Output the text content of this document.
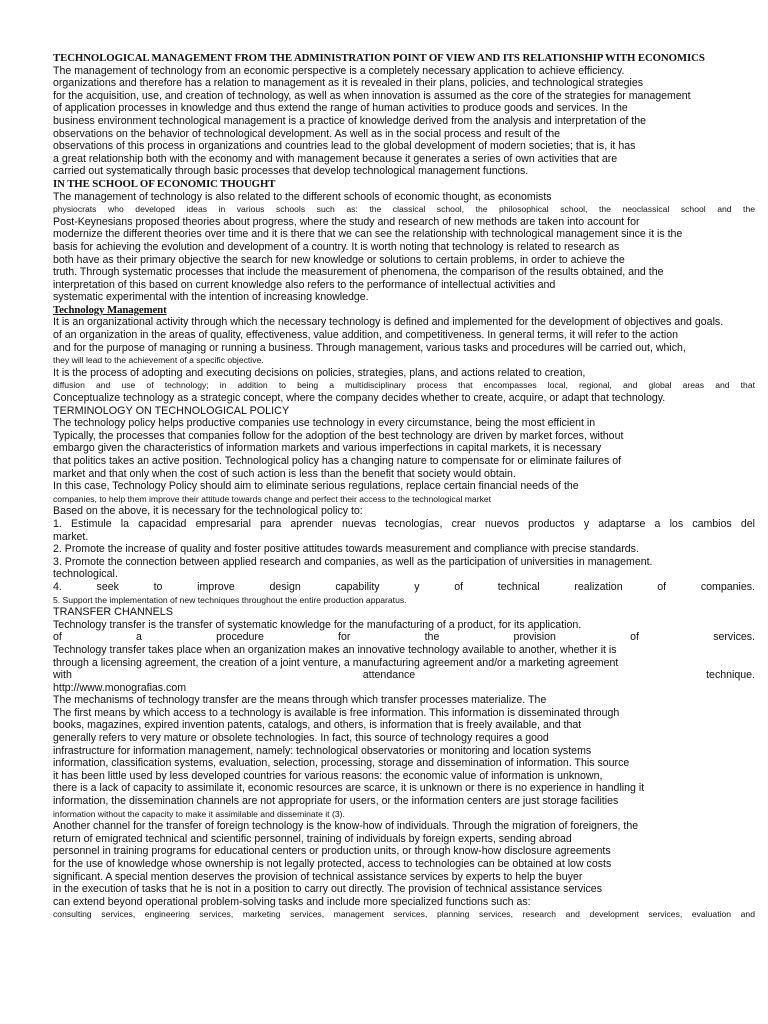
TECHNOLOGICAL MANAGEMENT FROM THE ADMINISTRATION POINT OF VIEW AND ITS RELATIONSHIP WITH ECONOMICS
The management of technology from an economic perspective is a completely necessary application to achieve efficiency.
organizations and therefore has a relation to management as it is revealed in their plans, policies, and technological strategies
for the acquisition, use, and creation of technology, as well as when innovation is assumed as the core of the strategies for management
of application processes in knowledge and thus extend the range of human activities to produce goods and services. In the
business environment technological management is a practice of knowledge derived from the analysis and interpretation of the
observations on the behavior of technological development. As well as in the social process and result of the
observations of this process in organizations and countries lead to the global development of modern societies; that is, it has
a great relationship both with the economy and with management because it generates a series of own activities that are
carried out systematically through basic processes that develop technological management functions.
IN THE SCHOOL OF ECONOMIC THOUGHT
The management of technology is also related to the different schools of economic thought, as economists
physiocrats who developed ideas in various schools such as: the classical school, the philosophical school, the neoclassical school and the
Post-Keynesians proposed theories about progress, where the study and research of new methods are taken into account for
modernize the different theories over time and it is there that we can see the relationship with technological management since it is the
basis for achieving the evolution and development of a country. It is worth noting that technology is related to research as
both have as their primary objective the search for new knowledge or solutions to certain problems, in order to achieve the
truth. Through systematic processes that include the measurement of phenomena, the comparison of the results obtained, and the
interpretation of this based on current knowledge also refers to the performance of intellectual activities and
systematic experimental with the intention of increasing knowledge.
Technology Management
It is an organizational activity through which the necessary technology is defined and implemented for the development of objectives and goals.
of an organization in the areas of quality, effectiveness, value addition, and competitiveness. In general terms, it will refer to the action
and for the purpose of managing or running a business. Through management, various tasks and procedures will be carried out, which,
they will lead to the achievement of a specific objective.
It is the process of adopting and executing decisions on policies, strategies, plans, and actions related to creation,
diffusion and use of technology; in addition to being a multidisciplinary process that encompasses local, regional, and global areas and that
Conceptualize technology as a strategic concept, where the company decides whether to create, acquire, or adapt that technology.
TERMINOLOGY ON TECHNOLOGICAL POLICY
The technology policy helps productive companies use technology in every circumstance, being the most efficient in
Typically, the processes that companies follow for the adoption of the best technology are driven by market forces, without
embargo given the characteristics of information markets and various imperfections in capital markets, it is necessary
that politics takes an active position. Technological policy has a changing nature to compensate for or eliminate failures of
market and that only when the cost of such action is less than the benefit that society would obtain.
In this case, Technology Policy should aim to eliminate serious regulations, replace certain financial needs of the
companies, to help them improve their attitude towards change and perfect their access to the technological market
Based on the above, it is necessary for the technological policy to:
1. Estimule la capacidad empresarial para aprender nuevas tecnologías, crear nuevos productos y adaptarse a los cambios del
market.
2. Promote the increase of quality and foster positive attitudes towards measurement and compliance with precise standards.
3. Promote the connection between applied research and companies, as well as the participation of universities in management.
technological.
4. seek to improve design capability y of technical realization of companies.
5. Support the implementation of new techniques throughout the entire production apparatus.
TRANSFER CHANNELS
Technology transfer is the transfer of systematic knowledge for the manufacturing of a product, for its application.
of a procedure for the provision of services.
Technology transfer takes place when an organization makes an innovative technology available to another, whether it is
through a licensing agreement, the creation of a joint venture, a manufacturing agreement and/or a marketing agreement
with attendance technique.
http://www.monografias.com
The mechanisms of technology transfer are the means through which transfer processes materialize. The
The first means by which access to a technology is available is free information. This information is disseminated through
books, magazines, expired invention patents, catalogs, and others, is information that is freely available, and that
generally refers to very mature or obsolete technologies. In fact, this source of technology requires a good
infrastructure for information management, namely: technological observatories or monitoring and location systems
information, classification systems, evaluation, selection, processing, storage and dissemination of information. This source
it has been little used by less developed countries for various reasons: the economic value of information is unknown,
there is a lack of capacity to assimilate it, economic resources are scarce, it is unknown or there is no experience in handling it
information, the dissemination channels are not appropriate for users, or the information centers are just storage facilities
information without the capacity to make it assimilable and disseminate it (3).
Another channel for the transfer of foreign technology is the know-how of individuals. Through the migration of foreigners, the
return of emigrated technical and scientific personnel, training of individuals by foreign experts, sending abroad
personnel in training programs for educational centers or production units, or through know-how disclosure agreements
for the use of knowledge whose ownership is not legally protected, access to technologies can be obtained at low costs
significant. A special mention deserves the provision of technical assistance services by experts to help the buyer
in the execution of tasks that he is not in a position to carry out directly. The provision of technical assistance services
can extend beyond operational problem-solving tasks and include more specialized functions such as:
consulting services, engineering services, marketing services, management services, planning services, research and development services, evaluation and
